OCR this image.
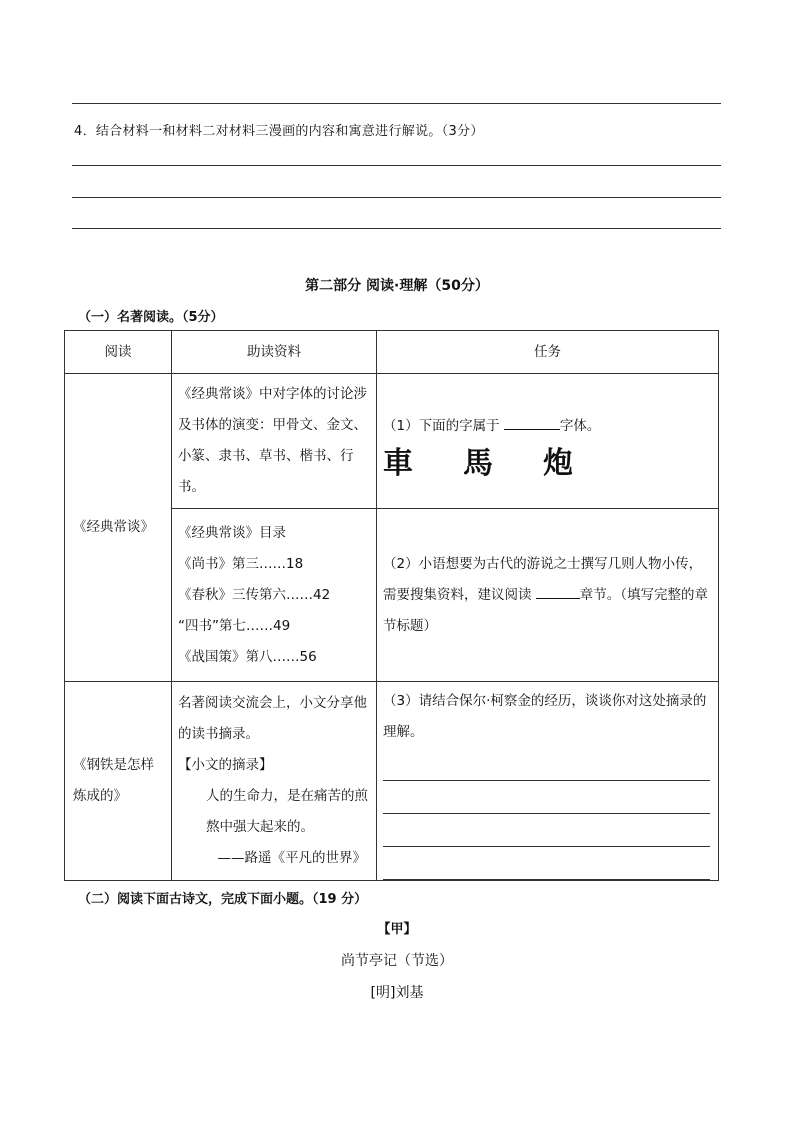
4．结合材料一和材料二对材料三漫画的内容和寓意进行解说。（3分）
第二部分 阅读·理解（50分）
（一）名著阅读。（5分）
阅读	助读资料	任务
《经典常谈》	《经典常谈》中对字体的讨论涉及书体的演变：甲骨文、金文、小篆、隶书、草书、楷书、行书。	（1）下面的字属于 字体。
車 馬 炮

	《经典常谈》目录
《尚书》第三……18
《春秋》三传第六……42
“四书”第七……49
《战国策》第八……56	（2）小语想要为古代的游说之士撰写几则人物小传，需要搜集资料，建议阅读 章节。（填写完整的章节标题）
《钢铁是怎样炼成的》	名著阅读交流会上，小文分享他的读书摘录。
【小文的摘录】
人的生命力，是在痛苦的煎熬中强大起来的。
——路遥《平凡的世界》	（3）请结合保尔·柯察金的经历，谈谈你对这处摘录的理解。
（二）阅读下面古诗文，完成下面小题。（19 分）
【甲】
尚节亭记（节选）
[明]刘基
